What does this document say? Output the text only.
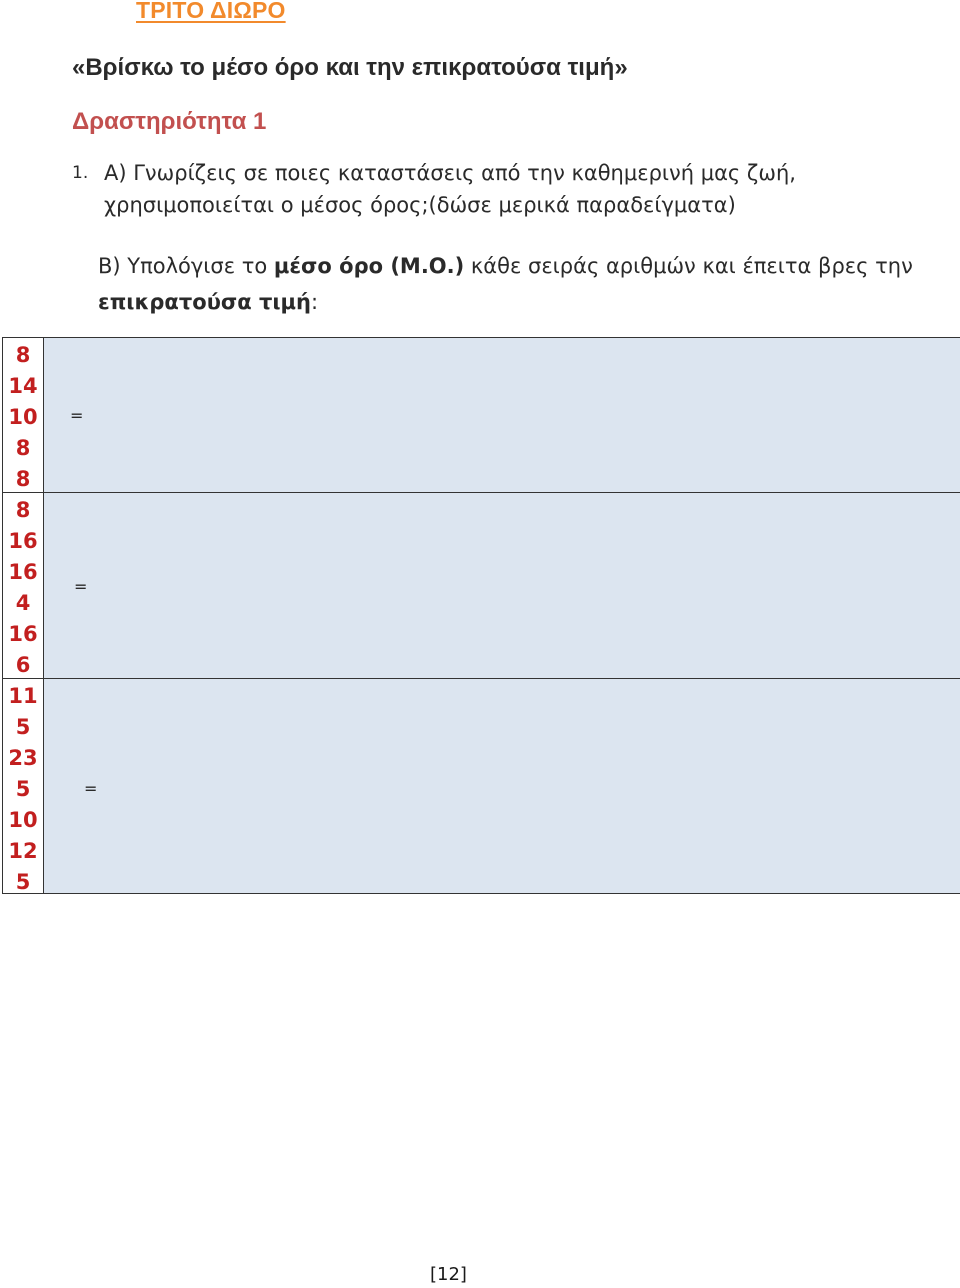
ΤΡΙΤΟ ΔΙΩΡΟ
«Βρίσκω το μέσο όρο και την επικρατούσα τιμή»
Δραστηριότητα 1
1. Α) Γνωρίζεις σε ποιες καταστάσεις από την καθημερινή μας ζωή, χρησιμοποιείται ο μέσος όρος;(δώσε μερικά παραδείγματα)
Β) Υπολόγισε το μέσο όρο (Μ.Ο.) κάθε σειράς αριθμών και έπειτα βρες την επικρατούσα τιμή:
8
14
10
8
8
=
8
16
16
4
16
6
=
11
5
23
5
10
12
5
=
[12]
